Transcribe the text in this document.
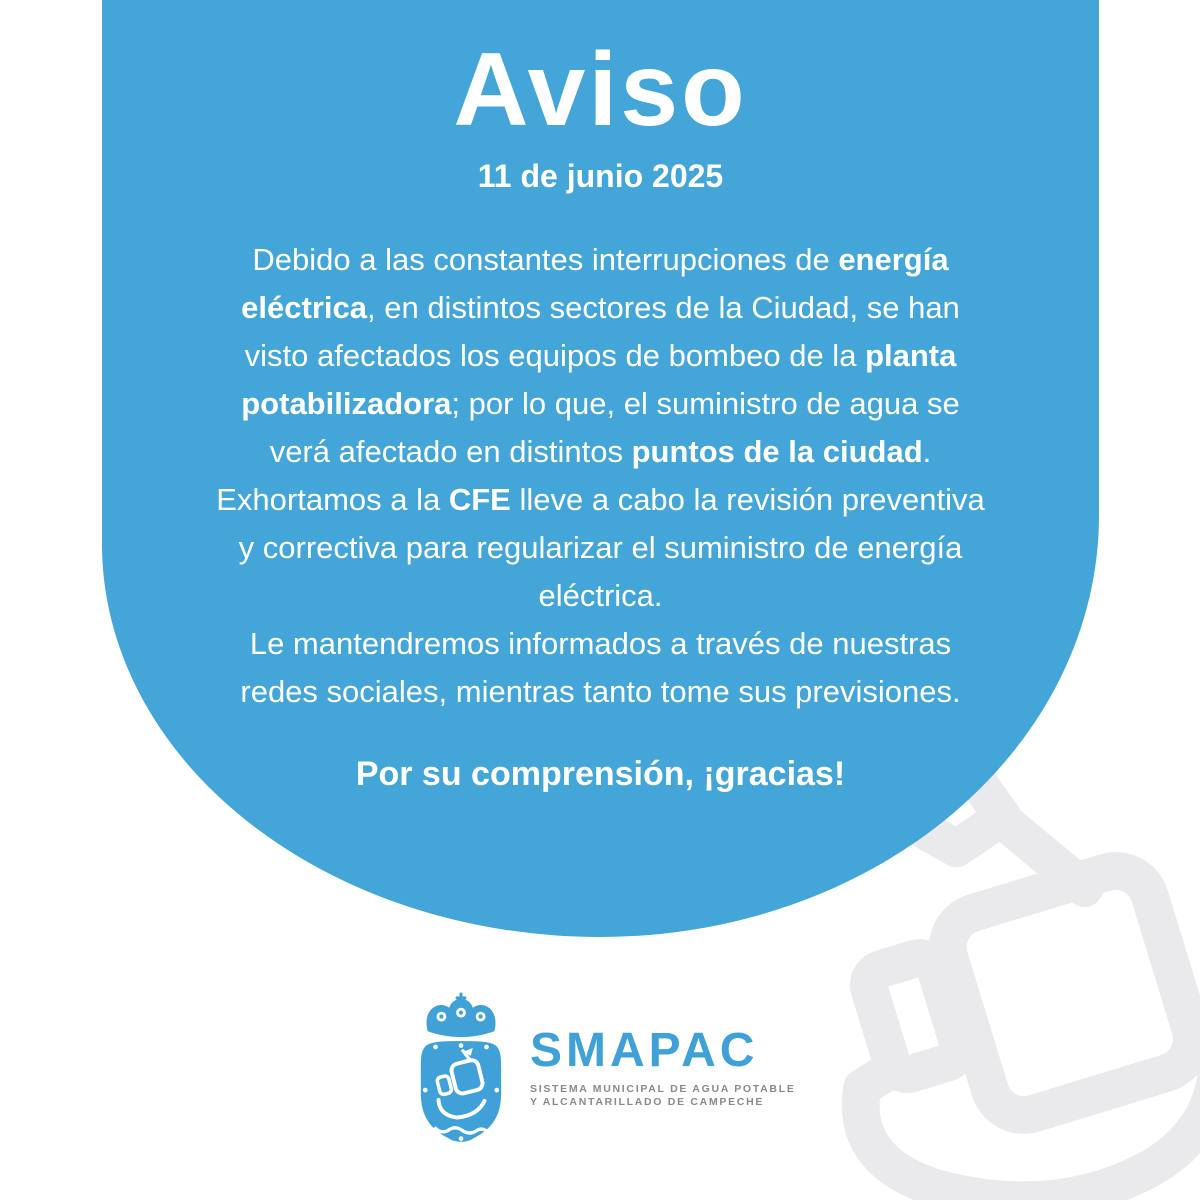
Aviso
11 de junio 2025
Debido a las constantes interrupciones de energía eléctrica, en distintos sectores de la Ciudad, se han visto afectados los equipos de bombeo de la planta potabilizadora; por lo que, el suministro de agua se verá afectado en distintos puntos de la ciudad.
Exhortamos a la CFE lleve a cabo la revisión preventiva y correctiva para regularizar el suministro de energía eléctrica.
Le mantendremos informados a través de nuestras redes sociales, mientras tanto tome sus previsiones.
Por su comprensión, ¡gracias!
SMAPAC
SISTEMA MUNICIPAL DE AGUA POTABLE
Y ALCANTARILLADO DE CAMPECHE
